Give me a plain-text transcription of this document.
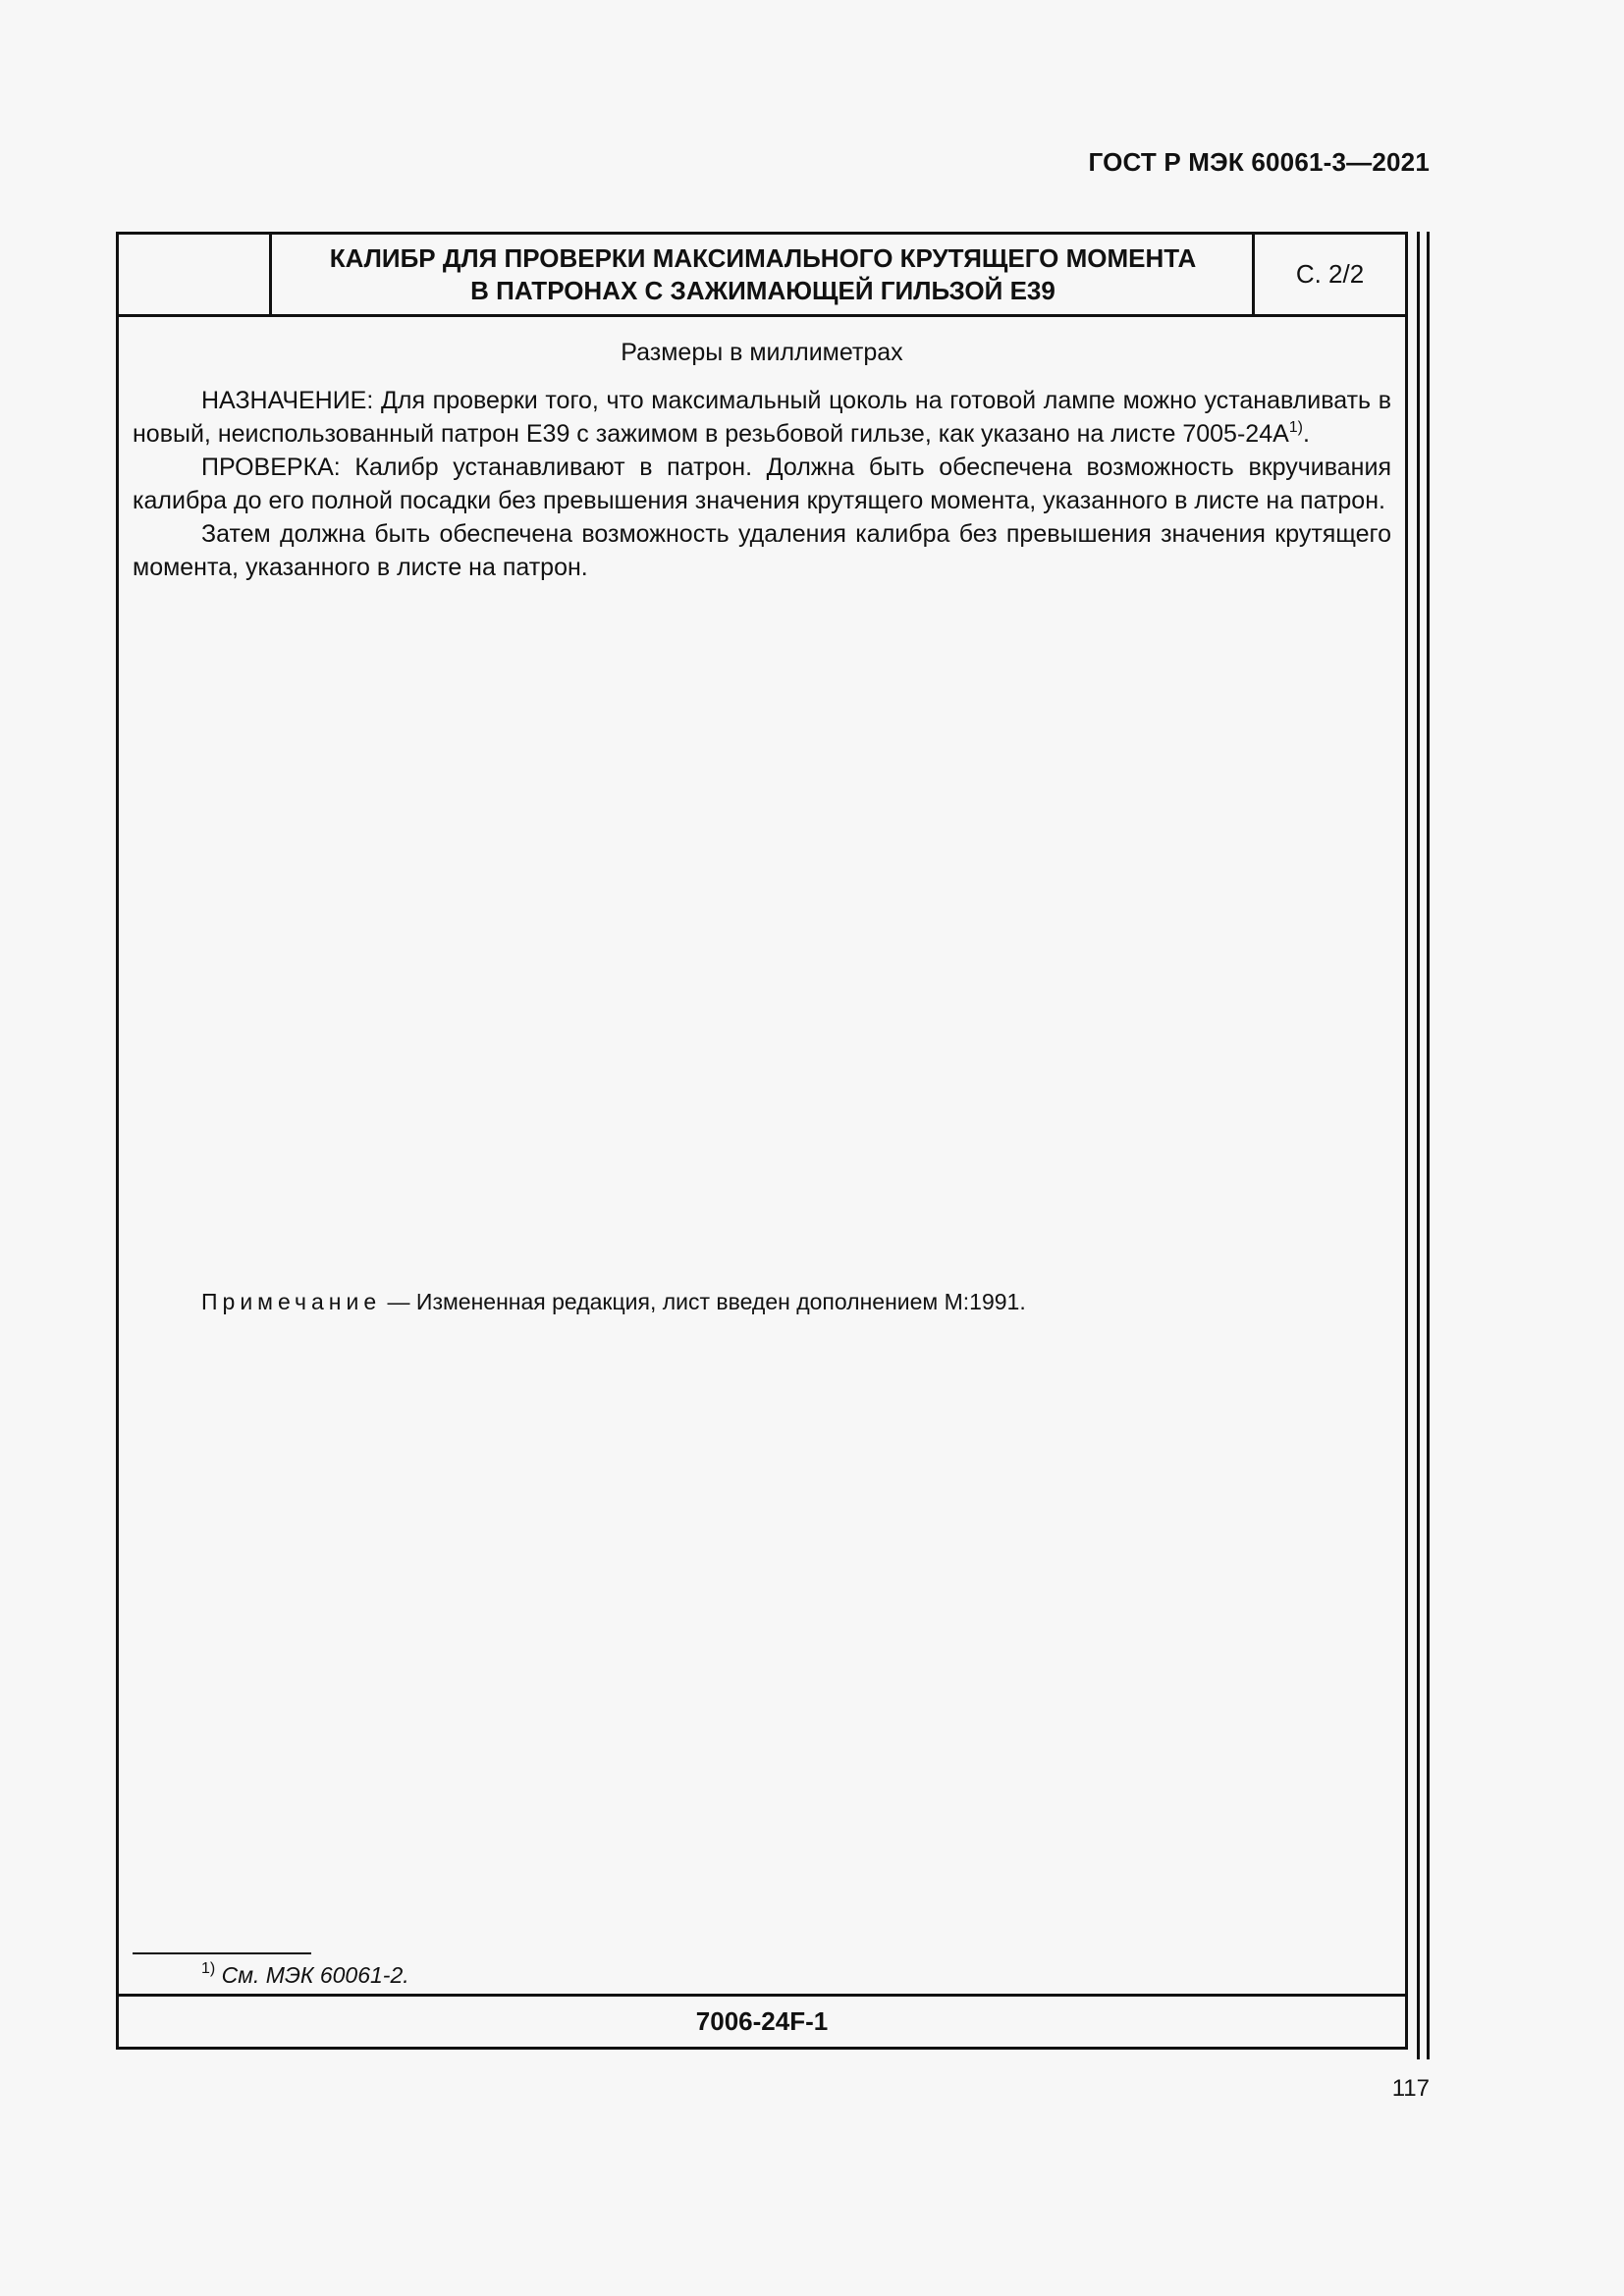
ГОСТ Р МЭК 60061-3—2021
КАЛИБР ДЛЯ ПРОВЕРКИ МАКСИМАЛЬНОГО КРУТЯЩЕГО МОМЕНТА
В ПАТРОНАХ С ЗАЖИМАЮЩЕЙ ГИЛЬЗОЙ Е39
С. 2/2
Размеры в миллиметрах

НАЗНАЧЕНИЕ: Для проверки того, что максимальный цоколь на готовой лампе можно устанавливать в новый, неиспользованный патрон Е39 с зажимом в резьбовой гильзе, как указано на листе $7005-24А^{1)}$.

ПРОВЕРКА: Калибр устанавливают в патрон. Должна быть обеспечена возможность вкручивания калибра до его полной посадки без превышения значения крутящего момента, указанного в листе на патрон.

Затем должна быть обеспечена возможность удаления калибра без превышения значения крутящего момента, указанного в листе на патрон.

Примечание — Измененная редакция, лист введен дополнением М:1991.
$^{1)}$ См. МЭК 60061-2.
7006-24F-1
117
